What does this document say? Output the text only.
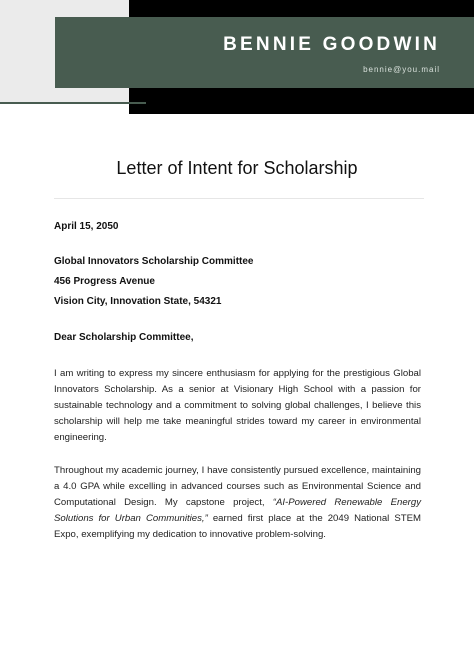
BENNIE GOODWIN
bennie@you.mail
Letter of Intent for Scholarship
April 15, 2050
Global Innovators Scholarship Committee
456 Progress Avenue
Vision City, Innovation State, 54321
Dear Scholarship Committee,
I am writing to express my sincere enthusiasm for applying for the prestigious Global Innovators Scholarship. As a senior at Visionary High School with a passion for sustainable technology and a commitment to solving global challenges, I believe this scholarship will help me take meaningful strides toward my career in environmental engineering.
Throughout my academic journey, I have consistently pursued excellence, maintaining a 4.0 GPA while excelling in advanced courses such as Environmental Science and Computational Design. My capstone project, “AI-Powered Renewable Energy Solutions for Urban Communities,” earned first place at the 2049 National STEM Expo, exemplifying my dedication to innovative problem-solving.
